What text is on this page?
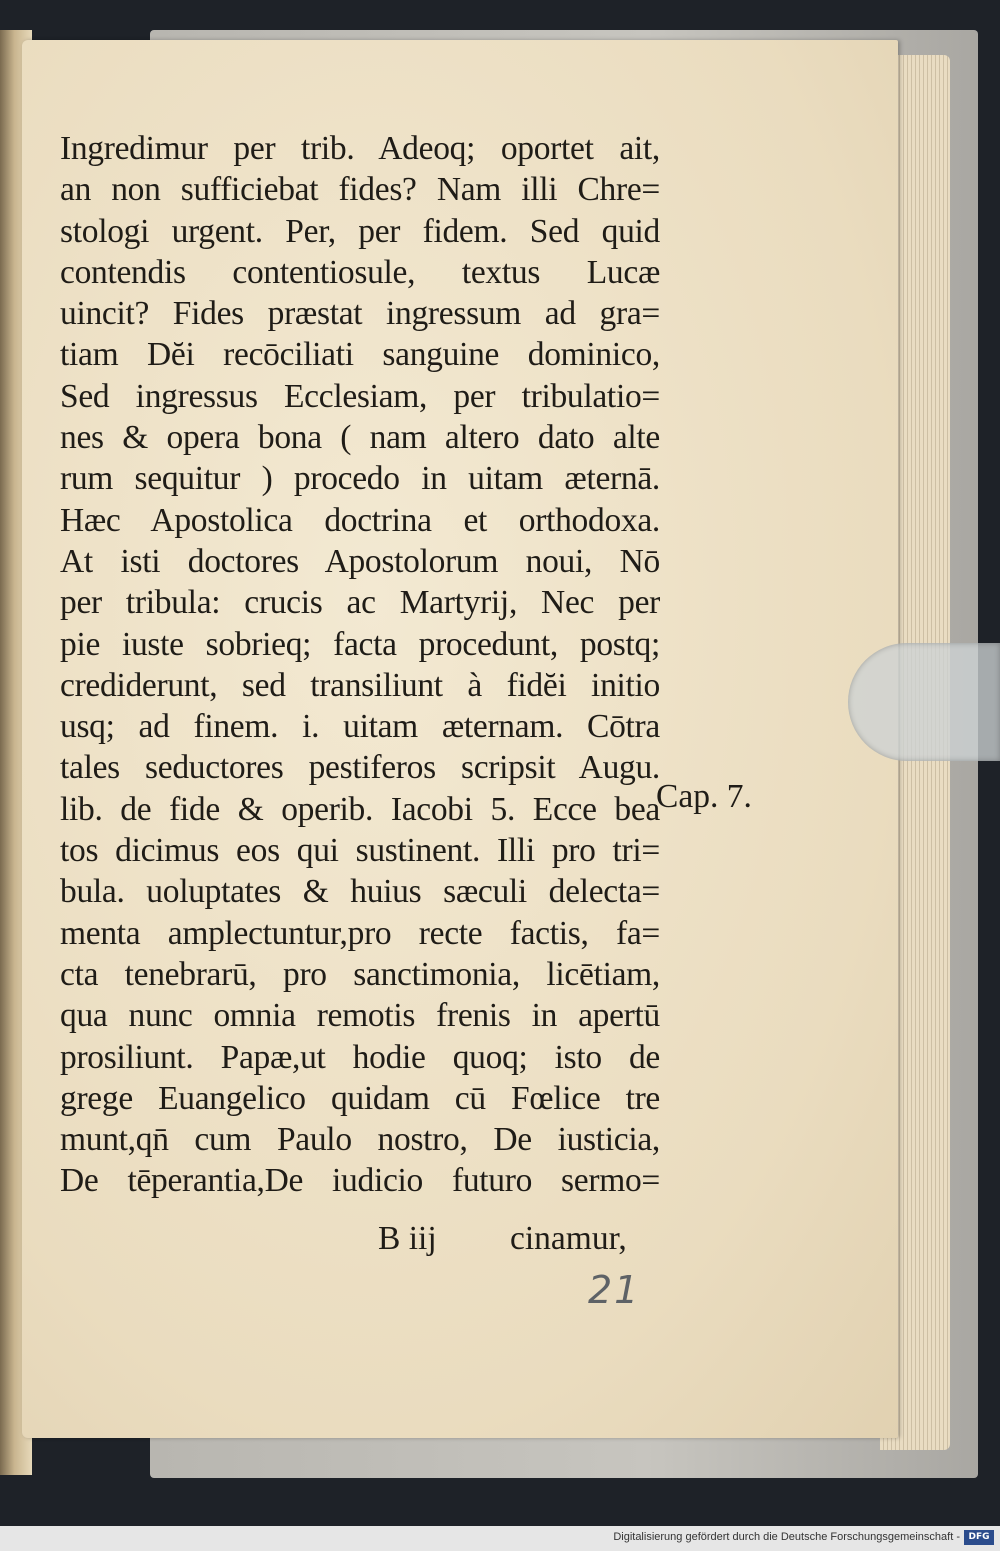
Ingredimur per trib. Adeoq; oportet ait,
an non sufficiebat fides? Nam illi Chre=
stologi urgent. Per, per fidem. Sed quid
contendis contentiosule, textus Lucæ
uincit? Fides præstat ingressum ad gra=
tiam Dĕi recōciliati sanguine dominico,
Sed ingressus Ecclesiam, per tribulatio=
nes & opera bona ( nam altero dato alte
rum sequitur ) procedo in uitam æternā.
Hæc Apostolica doctrina et orthodoxa.
At isti doctores Apostolorum noui, Nō
per tribula: crucis ac Martyrij, Nec per
pie iuste sobrieq; facta procedunt, postq;
crediderunt, sed transiliunt à fidĕi initio
usq; ad finem. i. uitam æternam. Cōtra
tales seductores pestiferos scripsit Augu.
lib. de fide & operib. Iacobi 5. Ecce bea
tos dicimus eos qui sustinent. Illi pro tri=
bula. uoluptates & huius sæculi delecta=
menta amplectuntur,pro recte factis, fa=
cta tenebrarū, pro sanctimonia, licētiam,
qua nunc omnia remotis frenis in apertū
prosiliunt. Papæ,ut hodie quoq; isto de
grege Euangelico quidam cū Fœlice tre
munt,qn̄ cum Paulo nostro, De iusticia,
De tēperantia,De iudicio futuro sermo=
B iij cinamur,
Cap. 7.
21
Digitalisierung gefördert durch die Deutsche Forschungsgemeinschaft - DFG
